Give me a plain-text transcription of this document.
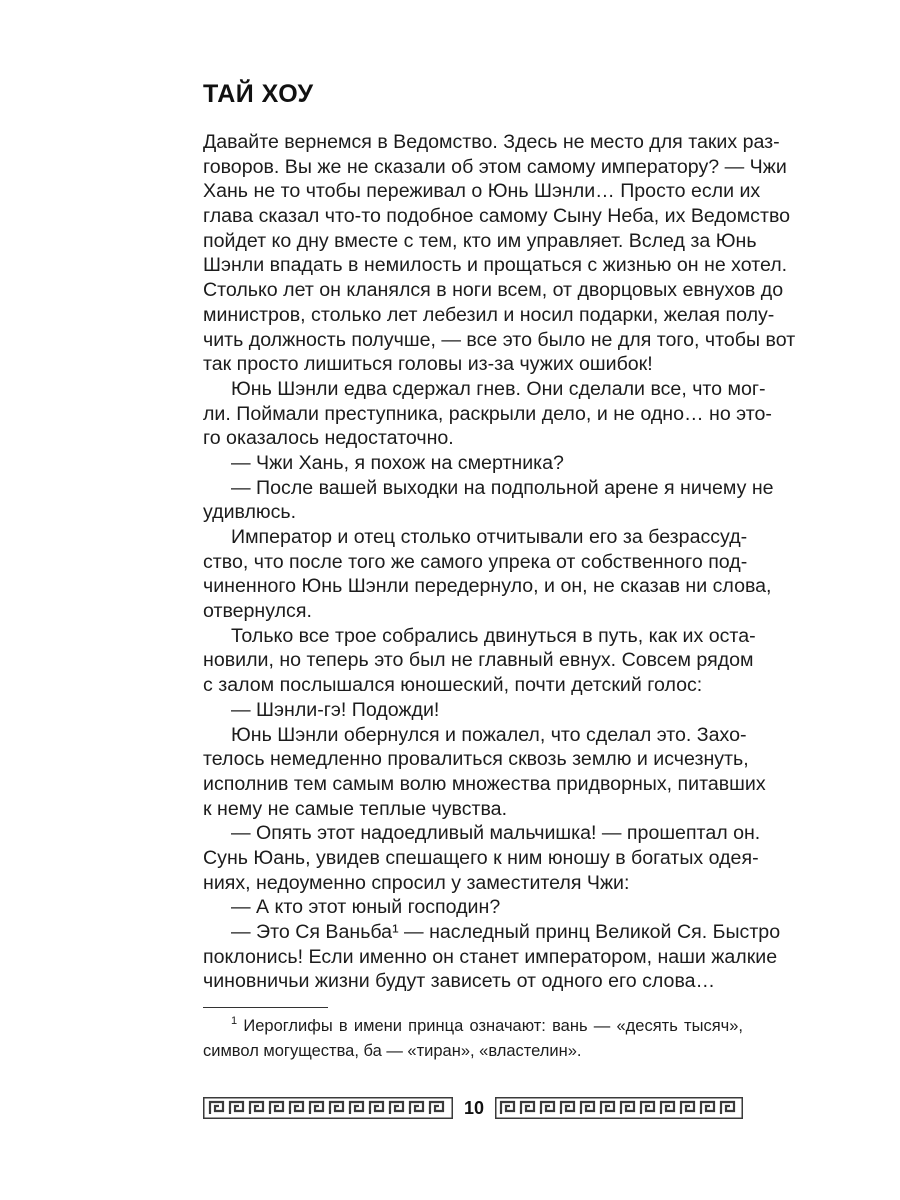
ТАЙ ХОУ
Давайте вернемся в Ведомство. Здесь не место для таких раз-
говоров. Вы же не сказали об этом самому императору? — Чжи
Хань не то чтобы переживал о Юнь Шэнли… Просто если их
глава сказал что-то подобное самому Сыну Неба, их Ведомство
пойдет ко дну вместе с тем, кто им управляет. Вслед за Юнь
Шэнли впадать в немилость и прощаться с жизнью он не хотел.
Столько лет он кланялся в ноги всем, от дворцовых евнухов до
министров, столько лет лебезил и носил подарки, желая полу-
чить должность получше, — все это было не для того, чтобы вот
так просто лишиться головы из-за чужих ошибок!
Юнь Шэнли едва сдержал гнев. Они сделали все, что мог-
ли. Поймали преступника, раскрыли дело, и не одно… но это-
го оказалось недостаточно.
— Чжи Хань, я похож на смертника?
— После вашей выходки на подпольной арене я ничему не
удивлюсь.
Император и отец столько отчитывали его за безрассуд-
ство, что после того же самого упрека от собственного под-
чиненного Юнь Шэнли передернуло, и он, не сказав ни слова,
отвернулся.
Только все трое собрались двинуться в путь, как их оста-
новили, но теперь это был не главный евнух. Совсем рядом
с залом послышался юношеский, почти детский голос:
— Шэнли-гэ! Подожди!
Юнь Шэнли обернулся и пожалел, что сделал это. Захо-
телось немедленно провалиться сквозь землю и исчезнуть,
исполнив тем самым волю множества придворных, питавших
к нему не самые теплые чувства.
— Опять этот надоедливый мальчишка! — прошептал он.
Сунь Юань, увидев спешащего к ним юношу в богатых одея-
ниях, недоуменно спросил у заместителя Чжи:
— А кто этот юный господин?
— Это Ся Ваньба¹ — наследный принц Великой Ся. Быстро
поклонись! Если именно он станет императором, наши жалкие
чиновничьи жизни будут зависеть от одного его слова…
$^1$ Иероглифы в имени принца означают: вань — «десять тысяч»,
символ могущества, ба — «тиран», «властелин».
10
